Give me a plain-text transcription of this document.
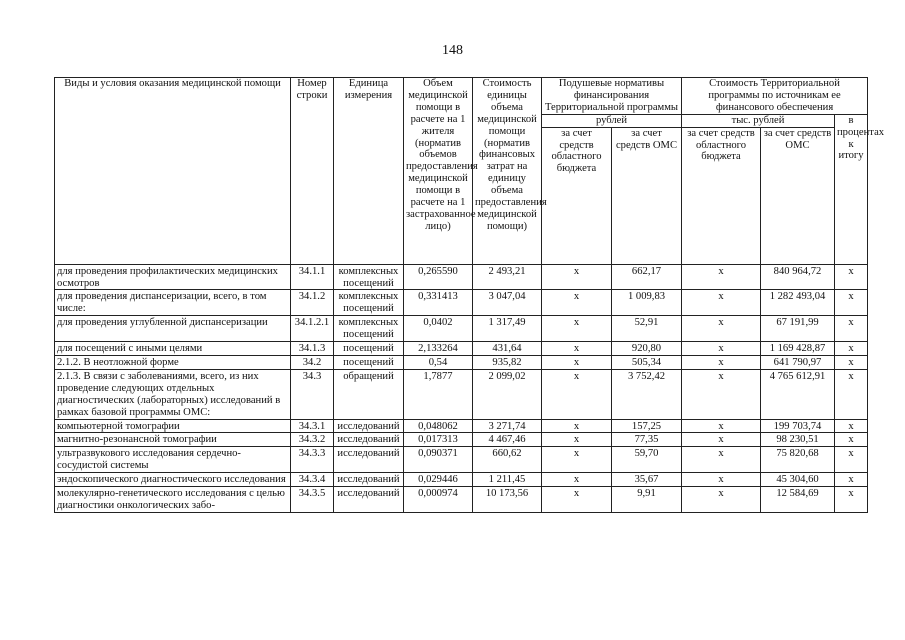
148
Виды и условия оказания медицинской помощи	Номер строки	Единица измерения	Объем медицинской помощи в расчете на 1 жителя (норматив объемов предоставления медицинской помощи в расчете на 1 застрахованное лицо)	Стоимость единицы объема медицинской помощи (норматив финансовых затрат на единицу объема предоставления медицинской помощи)	Подушевые нормативы финансирования Территориальной программы		Стоимость Территориальной программы по источникам ее финансового обеспечения		
					рублей		тыс. рублей		в процентах к итогу
					за счет средств областного бюджета	за счет средств ОМС	за счет средств областного бюджета	за счет средств ОМС	
для проведения профилактических медицинских осмотров	34.1.1	комплексных посещений	0,265590	2 493,21	х	662,17	х	840 964,72	х
для проведения диспансеризации, всего, в том числе:	34.1.2	комплексных посещений	0,331413	3 047,04	х	1 009,83	х	1 282 493,04	х
для проведения углубленной диспансеризации	34.1.2.1	комплексных посещений	0,0402	1 317,49	х	52,91	х	67 191,99	х
для посещений с иными целями	34.1.3	посещений	2,133264	431,64	х	920,80	х	1 169 428,87	х
2.1.2. В неотложной форме	34.2	посещений	0,54	935,82	х	505,34	х	641 790,97	х
2.1.3. В связи с заболеваниями, всего, из них проведение следующих отдельных диагностических (лабораторных) исследований в рамках базовой программы ОМС:	34.3	обращений	1,7877	2 099,02	х	3 752,42	х	4 765 612,91	х
компьютерной томографии	34.3.1	исследований	0,048062	3 271,74	х	157,25	х	199 703,74	х
магнитно-резонансной томографии	34.3.2	исследований	0,017313	4 467,46	х	77,35	х	98 230,51	х
ультразвукового исследования сердечно-сосудистой системы	34.3.3	исследований	0,090371	660,62	х	59,70	х	75 820,68	х
эндоскопического диагностического исследования	34.3.4	исследований	0,029446	1 211,45	х	35,67	х	45 304,60	х
молекулярно-генетического исследования с целью диагностики онкологических забо-	34.3.5	исследований	0,000974	10 173,56	х	9,91	х	12 584,69	х
